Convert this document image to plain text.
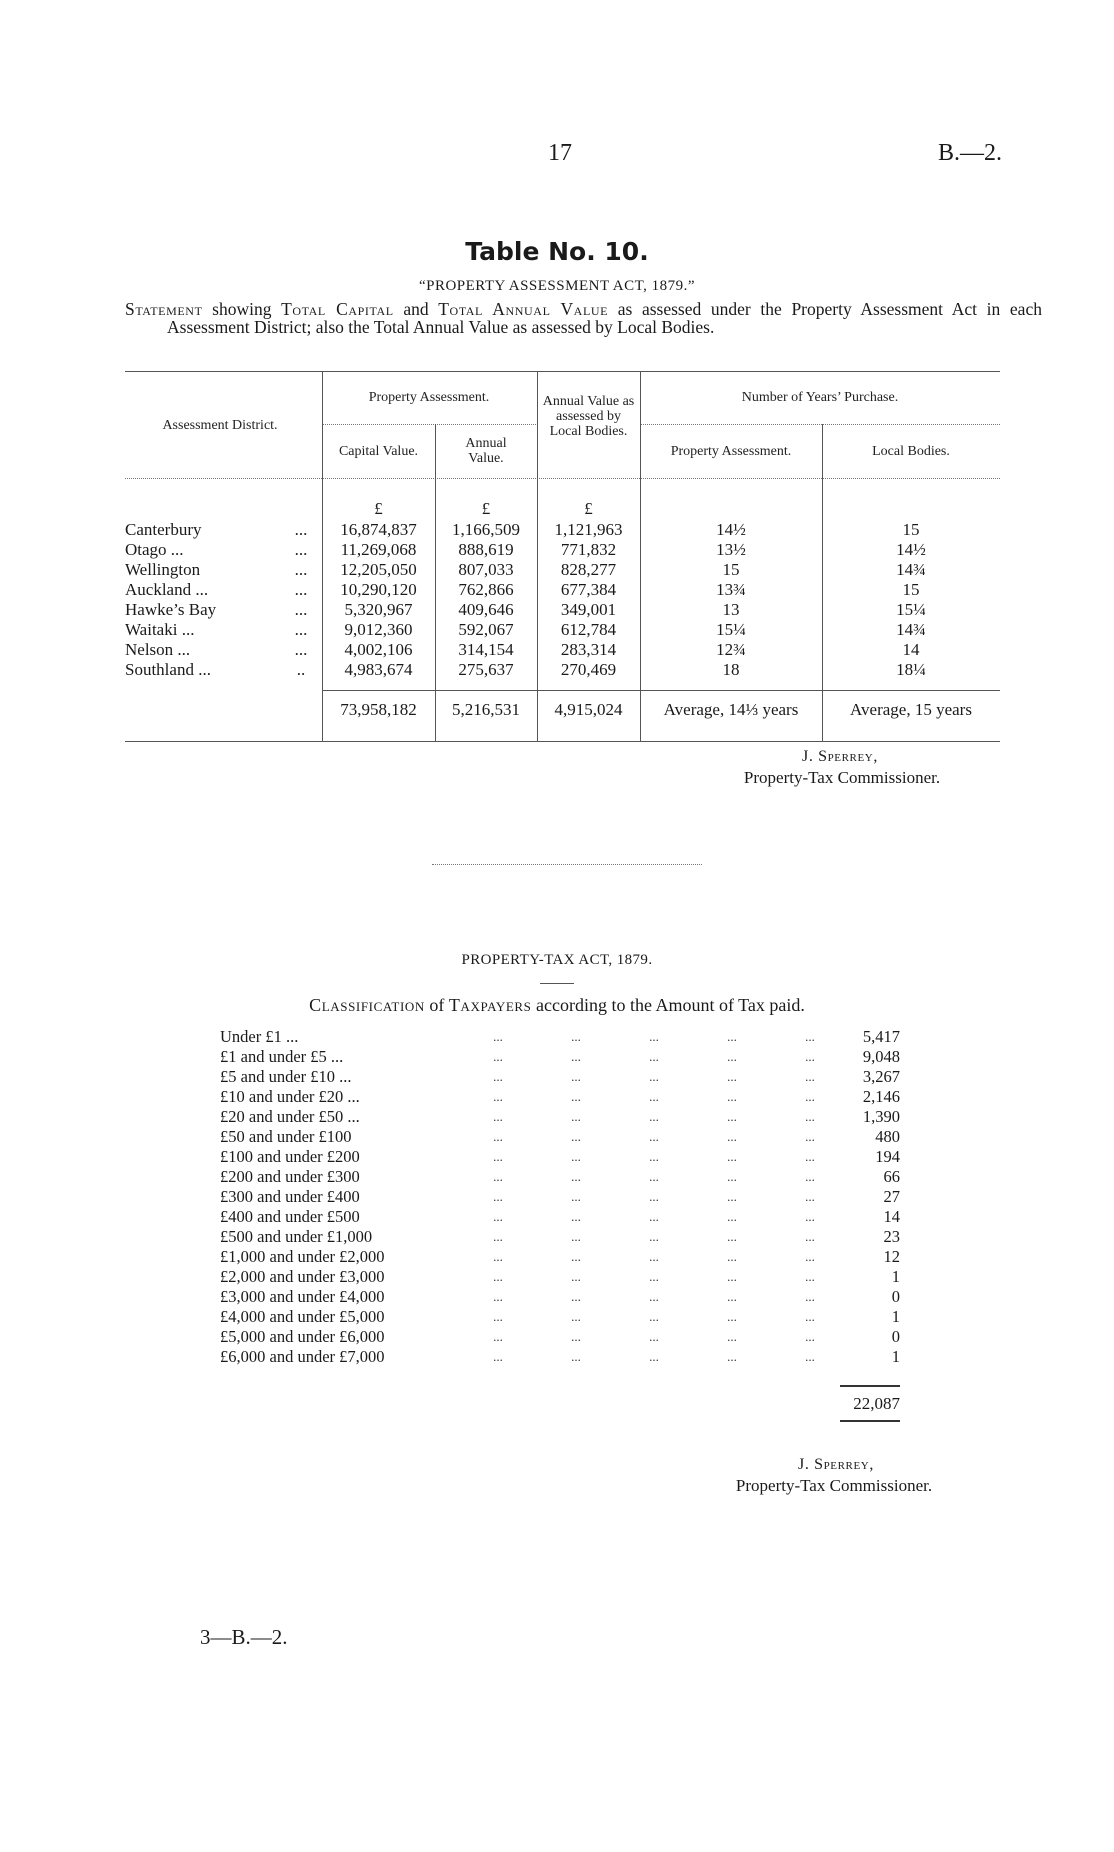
17	B.—2.
Table No. 10.
“PROPERTY ASSESSMENT ACT, 1879.”
Statement showing Total Capital and Total Annual Value as assessed under the Property Assessment Act in each Assessment District; also the Total Annual Value as assessed by Local Bodies.
Assessment District.
Property Assessment.
Capital Value.
Annual Value.
Annual Value as assessed by Local Bodies.
Number of Years’ Purchase.
Property Assessment.	Local Bodies.
£	£	£
Canterbury	...	16,874,837	1,166,509	1,121,963	14½	15
Otago ...	...	11,269,068	888,619	771,832	13½	14½
Wellington	...	12,205,050	807,033	828,277	15	14¾
Auckland ...	...	10,290,120	762,866	677,384	13¾	15
Hawke’s Bay	...	5,320,967	409,646	349,001	13	15¼
Waitaki ...	...	9,012,360	592,067	612,784	15¼	14¾
Nelson ...	...	4,002,106	314,154	283,314	12¾	14
Southland ...	..	4,983,674	275,637	270,469	18	18¼
73,958,182	5,216,531	4,915,024	Average, 14⅓ years	Average, 15 years
J. Sperrey,
Property-Tax Commissioner.
PROPERTY-TAX ACT, 1879.
Classification of Taxpayers according to the Amount of Tax paid.
Under £1 ...	...	...	...	...	...	5,417
£1 and under £5 ...	...	...	...	...	...	9,048
£5 and under £10 ...	...	...	...	...	...	3,267
£10 and under £20 ...	...	...	...	...	...	2,146
£20 and under £50 ...	...	...	...	...	...	1,390
£50 and under £100	...	...	...	...	...	480
£100 and under £200	...	...	...	...	...	194
£200 and under £300	...	...	...	...	...	66
£300 and under £400	...	...	...	...	...	27
£400 and under £500	...	...	...	...	...	14
£500 and under £1,000	...	...	...	...	...	23
£1,000 and under £2,000	...	...	...	...	...	12
£2,000 and under £3,000	...	...	...	...	...	1
£3,000 and under £4,000	...	...	...	...	...	0
£4,000 and under £5,000	...	...	...	...	...	1
£5,000 and under £6,000	...	...	...	...	...	0
£6,000 and under £7,000	...	...	...	...	...	1
22,087
J. Sperrey,
Property-Tax Commissioner.
3—B.—2.
